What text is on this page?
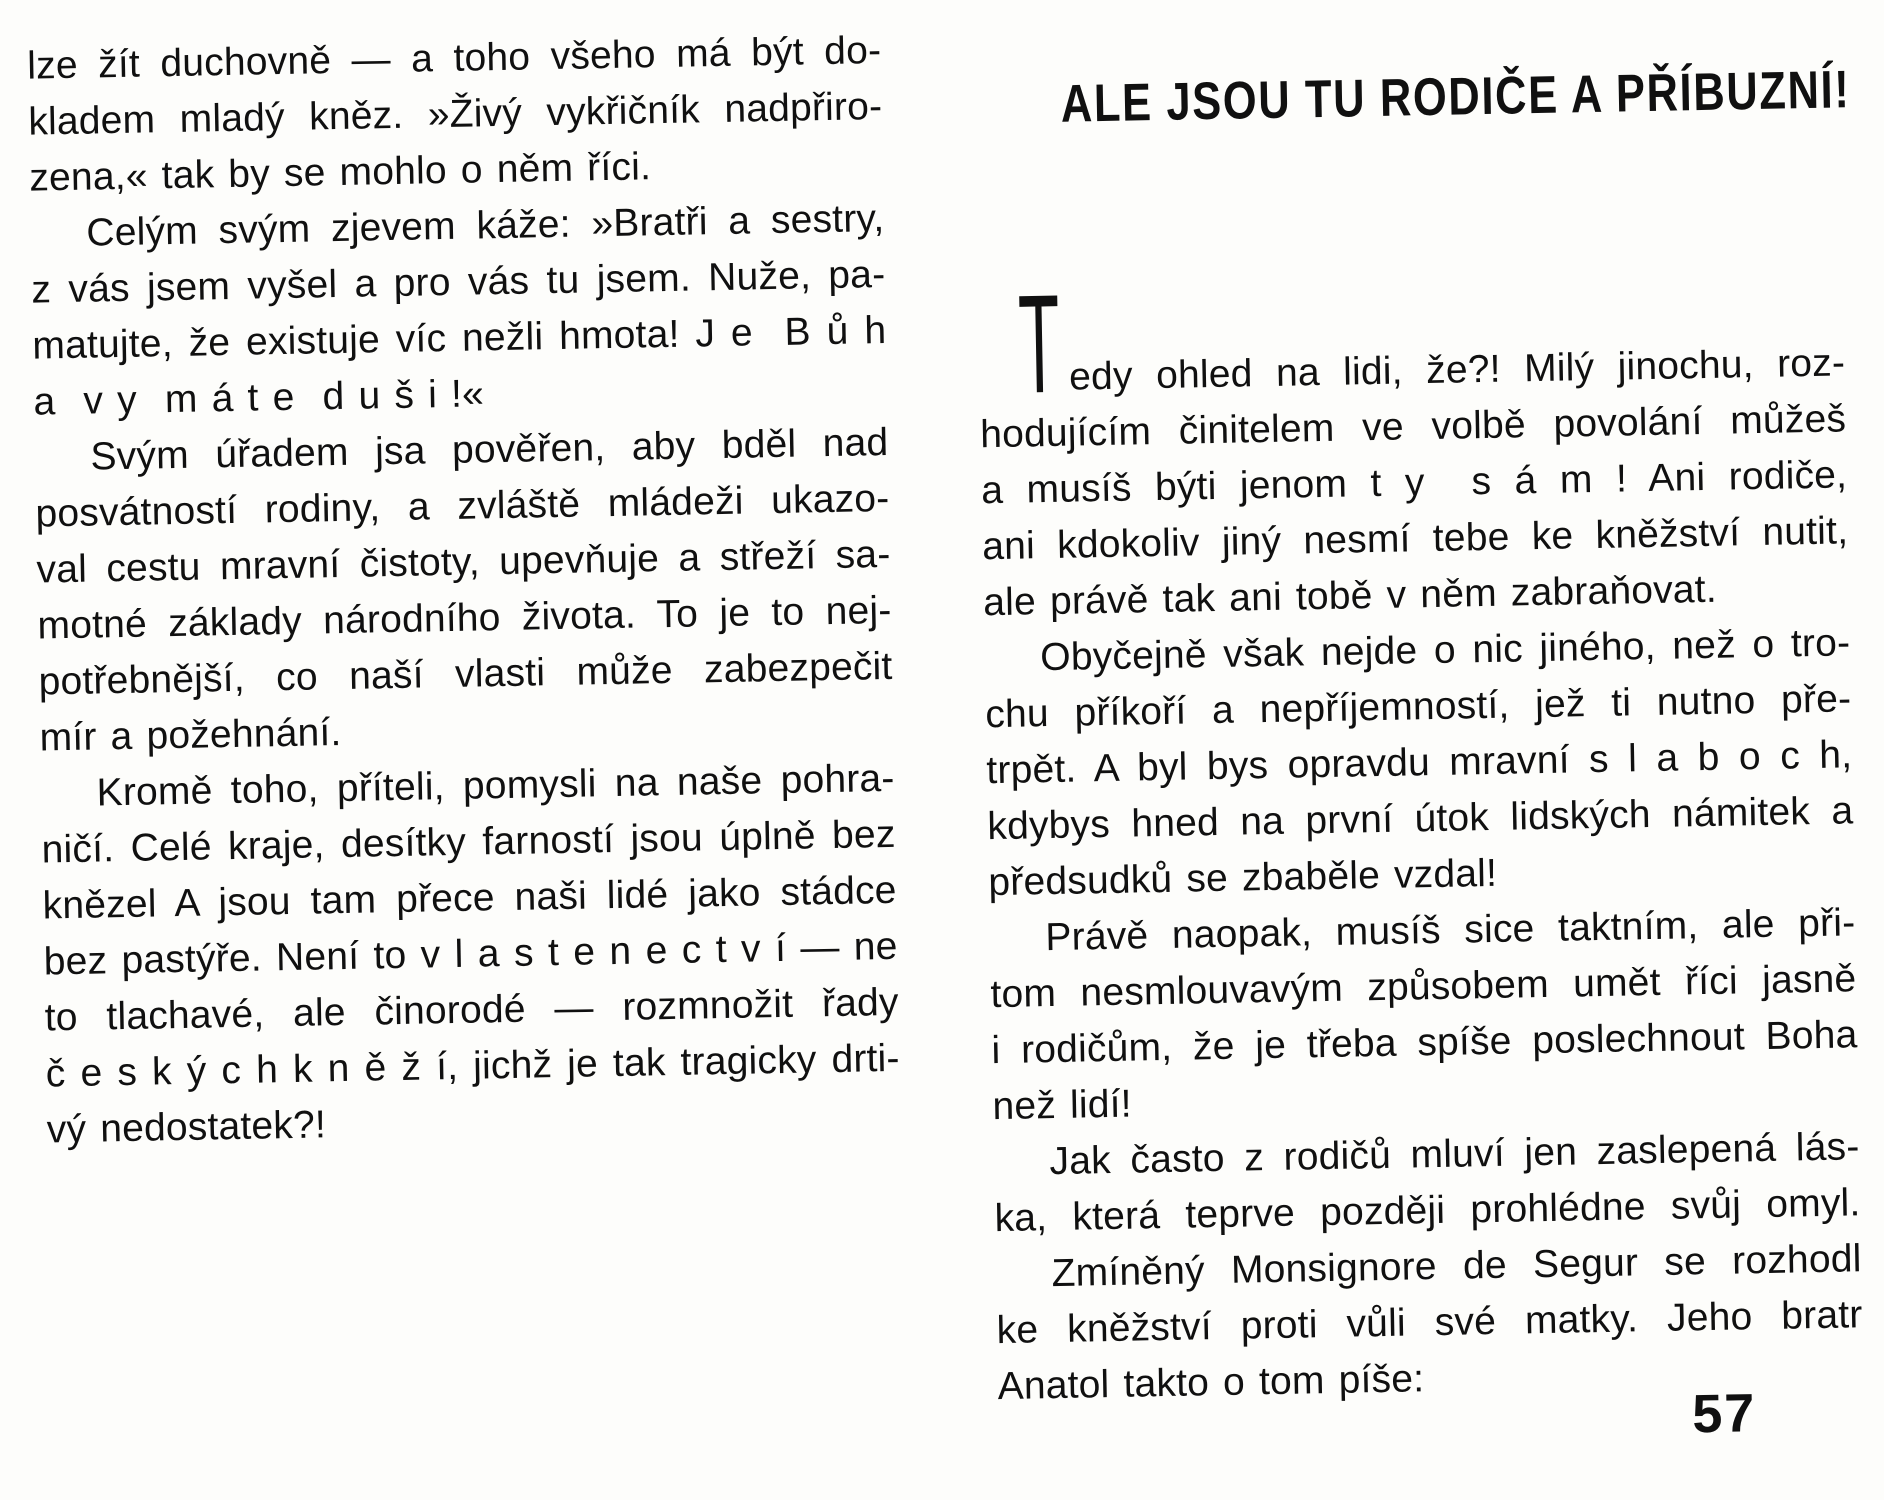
lze žít duchovně — a toho všeho má být do-
kladem mladý kněz. »Živý vykřičník nadpřiro-
zena,« tak by se mohlo o něm říci.
Celým svým zjevem káže: »Bratři a sestry,
z vás jsem vyšel a pro vás tu jsem. Nuže, pa-
matujte, že existuje víc nežli hmota! J e  B ů h
a  v y  m á t e  d u š i !«
Svým úřadem jsa pověřen, aby bděl nad
posvátností rodiny, a zvláště mládeži ukazo-
val cestu mravní čistoty, upevňuje a střeží sa-
motné základy národního života. To je to nej-
potřebnější, co naší vlasti může zabezpečit
mír a požehnání.
Kromě toho, příteli, pomysli na naše pohra-
ničí. Celé kraje, desítky farností jsou úplně bez
knězel A jsou tam přece naši lidé jako stádce
bez pastýře. Není to v l a s t e n e c t v í — ne
to tlachavé, ale činorodé — rozmnožit řady
č e s k ý c h k n ě ž í, jichž je tak tragicky drti-
vý nedostatek?!
ALE JSOU TU RODIČE A PŘÍBUZNÍ!
T edy ohled na lidi, že?! Milý jinochu, roz-
hodujícím činitelem ve volbě povolání můžeš
a musíš býti jenom t y  s á m ! Ani rodiče,
ani kdokoliv jiný nesmí tebe ke kněžství nutit,
ale právě tak ani tobě v něm zabraňovat.
Obyčejně však nejde o nic jiného, než o tro-
chu příkoří a nepříjemností, jež ti nutno pře-
trpět. A byl bys opravdu mravní s l a b o c h,
kdybys hned na první útok lidských námitek a
předsudků se zbaběle vzdal!
Právě naopak, musíš sice taktním, ale při-
tom nesmlouvavým způsobem umět říci jasně
i rodičům, že je třeba spíše poslechnout Boha
než lidí!
Jak často z rodičů mluví jen zaslepená lás-
ka, která teprve později prohlédne svůj omyl.
Zmíněný Monsignore de Segur se rozhodl
ke kněžství proti vůli své matky. Jeho bratr
Anatol takto o tom píše:
57
